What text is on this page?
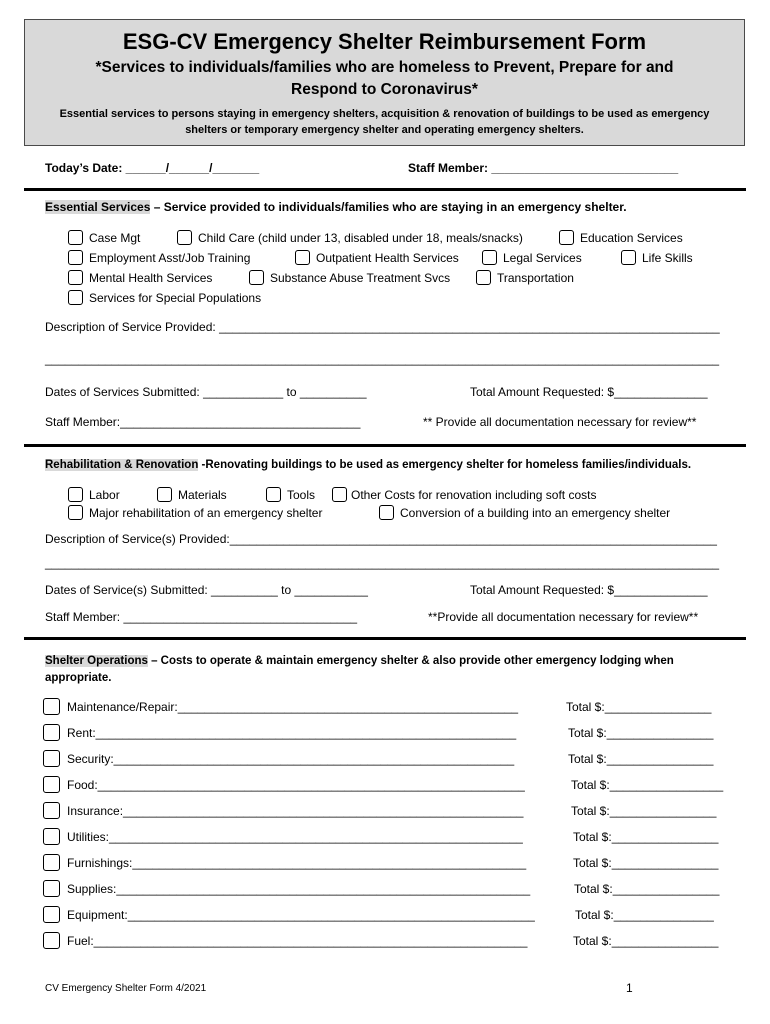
ESG-CV Emergency Shelter Reimbursement Form
*Services to individuals/families who are homeless to Prevent, Prepare for and Respond to Coronavirus*
Essential services to persons staying in emergency shelters, acquisition & renovation of buildings to be used as emergency shelters or temporary emergency shelter and operating emergency shelters.
Today’s Date: ______/______/_______	Staff Member: ____________________________
Essential Services – Service provided to individuals/families who are staying in an emergency shelter.
Case Mgt	Child Care (child under 13, disabled under 18, meals/snacks)	Education Services
Employment Asst/Job Training	Outpatient Health Services	Legal Services	Life Skills
Mental Health Services	Substance Abuse Treatment Svcs	Transportation
Services for Special Populations
Description of Service Provided: ___________________________________________________________________________
_____________________________________________________________________________________________________
Dates of Services Submitted: ____________ to __________	Total Amount Requested: $______________
Staff Member:____________________________________	** Provide all documentation necessary for review**
Rehabilitation & Renovation -Renovating buildings to be used as emergency shelter for homeless families/individuals.
Labor	Materials	Tools	Other Costs for renovation including soft costs
Major rehabilitation of an emergency shelter	Conversion of a building into an emergency shelter
Description of Service(s) Provided:_________________________________________________________________________
_____________________________________________________________________________________________________
Dates of Service(s) Submitted: __________ to ___________	Total Amount Requested: $______________
Staff Member: ___________________________________	**Provide all documentation necessary for review**
Shelter Operations – Costs to operate & maintain emergency shelter & also provide other emergency lodging when appropriate.
Maintenance/Repair:___________________________________________________	Total $:________________
Rent:_______________________________________________________________	Total $:________________
Security:____________________________________________________________	Total $:________________
Food:________________________________________________________________	Total $:_________________
Insurance:____________________________________________________________	Total $:________________
Utilities:______________________________________________________________	Total $:________________
Furnishings:___________________________________________________________	Total $:________________
Supplies:______________________________________________________________	Total $:________________
Equipment:_____________________________________________________________	Total $:_______________
Fuel:_________________________________________________________________	Total $:________________
CV Emergency Shelter Form 4/2021	1
